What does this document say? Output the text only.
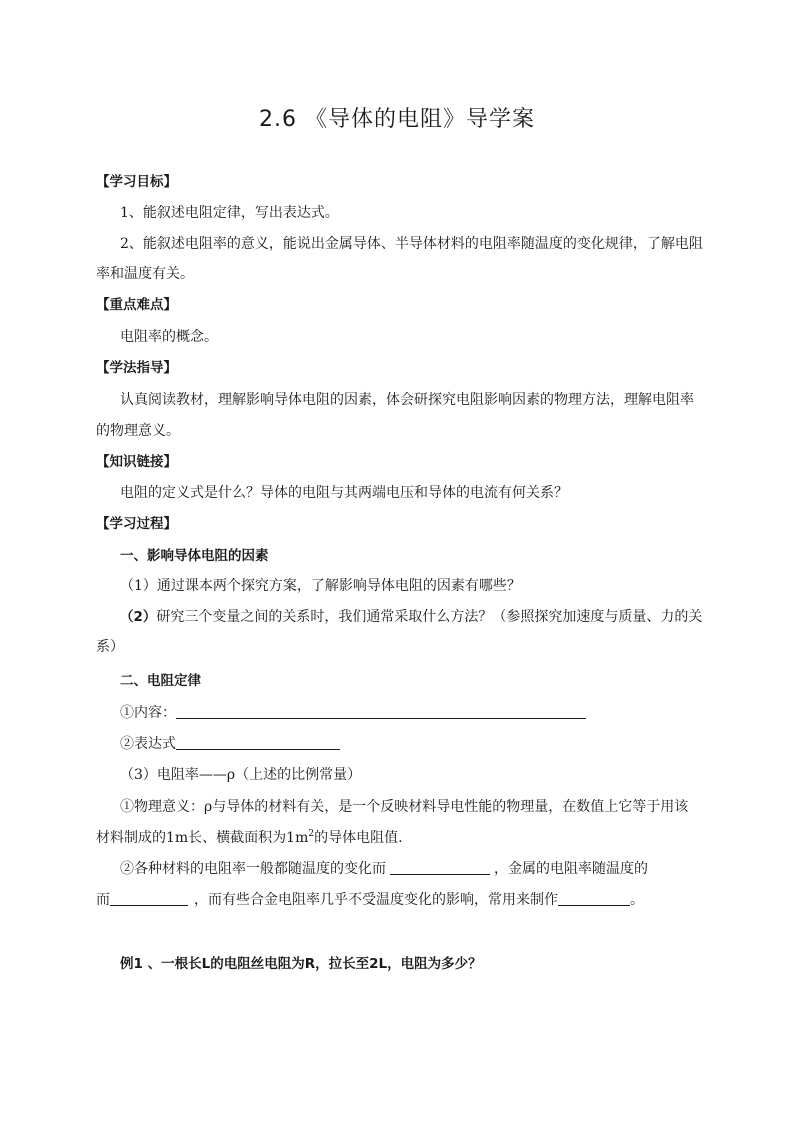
2.6 《导体的电阻》导学案
【学习目标】
1、能叙述电阻定律，写出表达式。
2、能叙述电阻率的意义，能说出金属导体、半导体材料的电阻率随温度的变化规律，了解电阻
率和温度有关。
【重点难点】
电阻率的概念。
【学法指导】
认真阅读教材，理解影响导体电阻的因素，体会研探究电阻影响因素的物理方法，理解电阻率
的物理意义。
【知识链接】
电阻的定义式是什么？导体的电阻与其两端电压和导体的电流有何关系？
【学习过程】
一、影响导体电阻的因素
（1）通过课本两个探究方案，了解影响导体电阻的因素有哪些？
（2）研究三个变量之间的关系时，我们通常采取什么方法？（参照探究加速度与质量、力的关
系）
二、电阻定律
①内容：
②表达式
（3）电阻率——ρ（上述的比例常量）
①物理意义：ρ与导体的材料有关，是一个反映材料导电性能的物理量，在数值上它等于用该
材料制成的1m长、横截面积为$1m^2$的导体电阻值.
②各种材料的电阻率一般都随温度的变化而	，金属的电阻率随温度的
而	，而有些合金电阻率几乎不受温度变化的影响，常用来制作	。
例1 、一根长L的电阻丝电阻为R，拉长至2L，电阻为多少？
